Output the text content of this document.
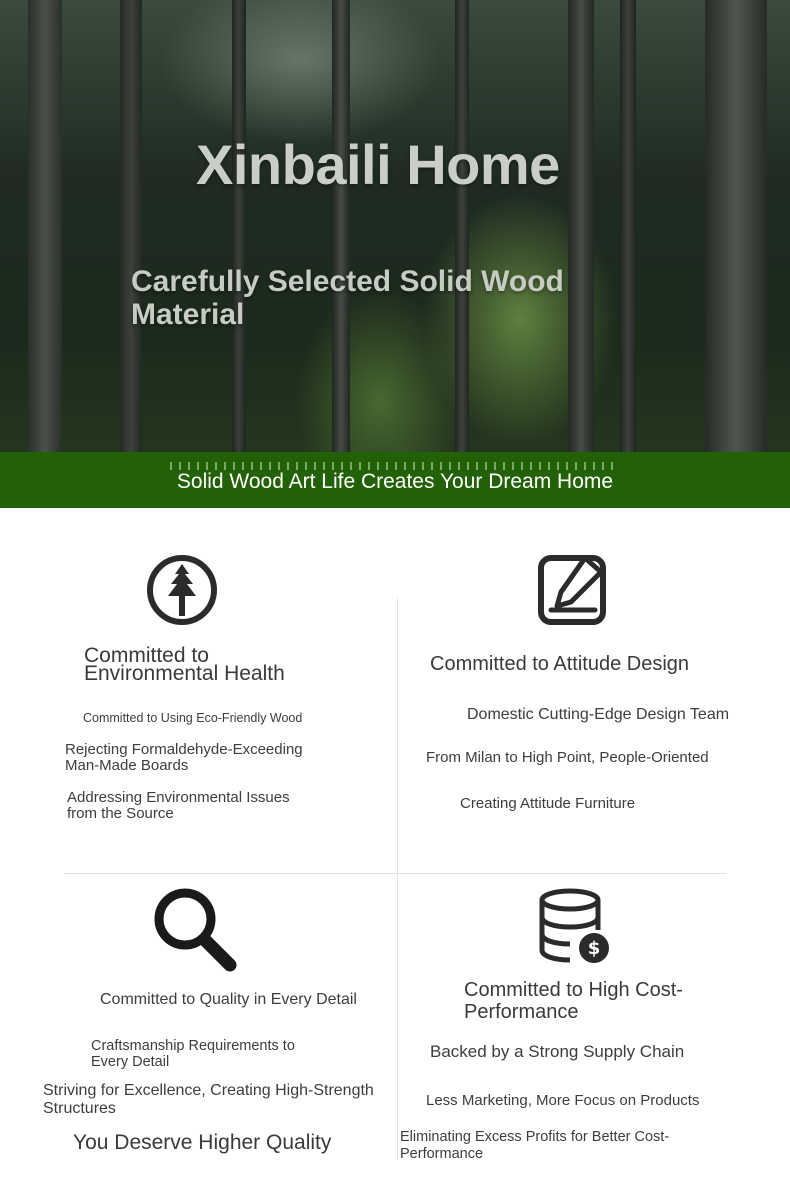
Xinbaili Home
Carefully Selected Solid Wood Material
Solid Wood Art Life Creates Your Dream Home
Committed to Environmental Health
Committed to Using Eco-Friendly Wood
Rejecting Formaldehyde-Exceeding Man-Made Boards
Addressing Environmental Issues from the Source
Committed to Attitude Design
Domestic Cutting-Edge Design Team
From Milan to High Point, People-Oriented
Creating Attitude Furniture
Committed to Quality in Every Detail
Craftsmanship Requirements to Every Detail
Striving for Excellence, Creating High-Strength Structures
You Deserve Higher Quality
$
Committed to High Cost-Performance
Backed by a Strong Supply Chain
Less Marketing, More Focus on Products
Eliminating Excess Profits for Better Cost-Performance
